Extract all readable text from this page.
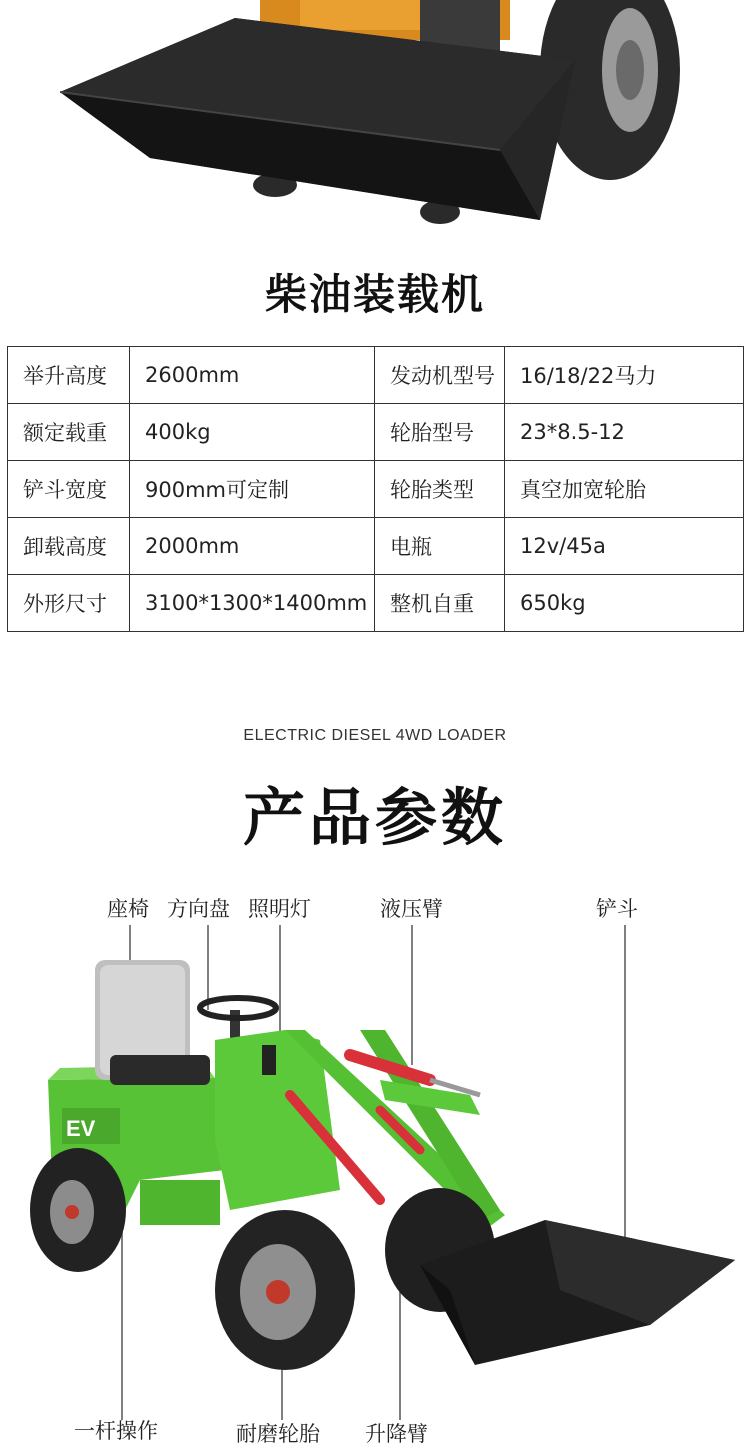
柴油装载机
举升高度	2600mm	发动机型号	16/18/22马力
额定载重	400kg	轮胎型号	23*8.5-12
铲斗宽度	900mm可定制	轮胎类型	真空加宽轮胎
卸载高度	2000mm	电瓶	12v/45a
外形尺寸	3100*1300*1400mm	整机自重	650kg
ELECTRIC DIESEL 4WD LOADER
产品参数
EV
座椅 方向盘 照明灯	液压臂	铲斗
一杆操作	耐磨轮胎 升降臂
